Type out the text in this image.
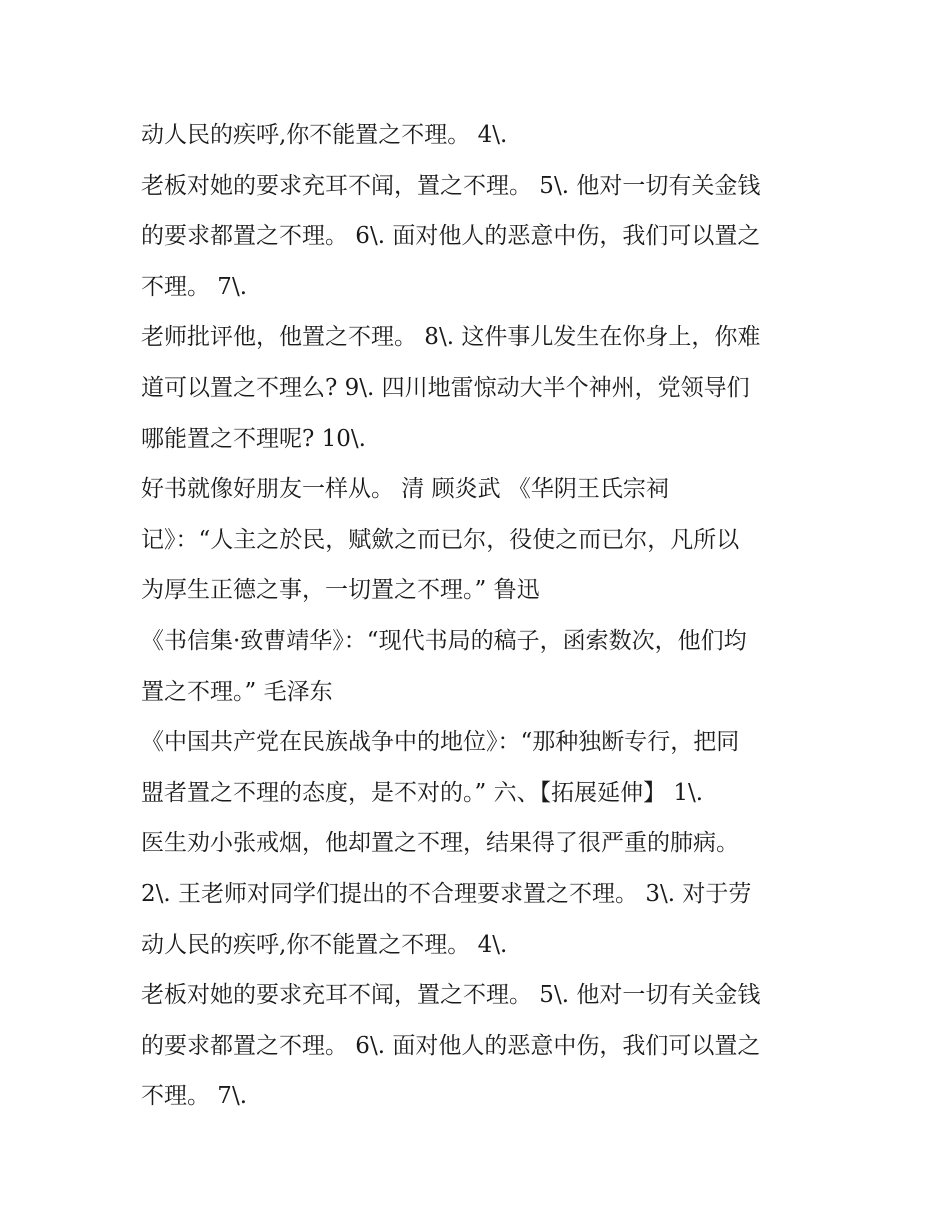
动人民的疾呼,你不能置之不理。 4\.
老板对她的要求充耳不闻，置之不理。 5\. 他对一切有关金钱
的要求都置之不理。 6\. 面对他人的恶意中伤，我们可以置之
不理。 7\.
老师批评他，他置之不理。 8\. 这件事儿发生在你身上，你难
道可以置之不理么? 9\. 四川地雷惊动大半个神州，党领导们
哪能置之不理呢? 10\.
好书就像好朋友一样从。 清 顾炎武 《华阴王氏宗祠
记》：“人主之於民，赋歛之而已尔，役使之而已尔，凡所以
为厚生正德之事，一切置之不理。” 鲁迅
《书信集·致曹靖华》：“现代书局的稿子，函索数次，他们均
置之不理。” 毛泽东
《中国共产党在民族战争中的地位》：“那种独断专行，把同
盟者置之不理的态度，是不对的。” 六、【拓展延伸】 1\.
医生劝小张戒烟，他却置之不理，结果得了很严重的肺病。
2\. 王老师对同学们提出的不合理要求置之不理。 3\. 对于劳
动人民的疾呼,你不能置之不理。 4\.
老板对她的要求充耳不闻，置之不理。 5\. 他对一切有关金钱
的要求都置之不理。 6\. 面对他人的恶意中伤，我们可以置之
不理。 7\.
